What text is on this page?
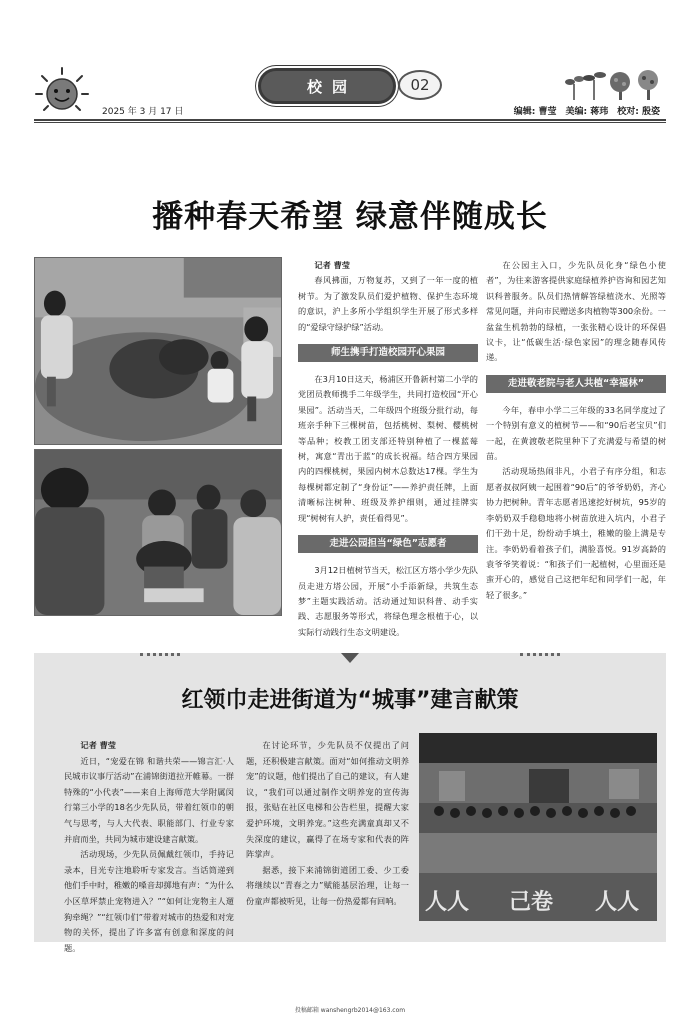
2025 年 3 月 17 日
校园	02
编辑: 曹莹　美编: 蒋玮　校对: 殷姿
播种春天希望 绿意伴随成长

记者 曹莹

春风拂面，万物复苏，又到了一年一度的植树节。为了激发队员们爱护植物、保护生态环境的意识，沪上多所小学组织学生开展了形式多样的“爱绿守绿护绿”活动。

师生携手打造校园开心果园

在3月10日这天，杨浦区开鲁新村第二小学的党团员教师携手二年级学生，共同打造校园“开心果园”。活动当天，二年级四个班级分批行动，每班亲手种下三棵树苗，包括桃树、梨树、樱桃树等品种；校教工团支部还特别种植了一棵蓝莓树，寓意“青出于蓝”的成长祝福。结合四方果园内的四棵桃树，果园内树木总数达17棵。学生为每棵树都定制了“身份证”——养护责任牌，上面清晰标注树种、班级及养护细则，通过挂牌实现“树树有人护，责任看得见”。

走进公园担当“绿色”志愿者

3月12日植树节当天，松江区方塔小学少先队员走进方塔公园，开展“小手添新绿，共筑生态梦”主题实践活动。活动通过知识科普、动手实践、志愿服务等形式，将绿色理念根植于心，以实际行动践行生态文明建设。

在公园主入口，少先队员化身“绿色小使者”，为往来游客提供家庭绿植养护咨询和园艺知识科普服务。队员们热情解答绿植浇水、光照等常见问题，并向市民赠送多肉植物等300余份。一盆盆生机勃勃的绿植，一张张精心设计的环保倡议卡，让“低碳生活·绿色家园”的理念随春风传递。

走进敬老院与老人共植“幸福林”

今年，春申小学二三年级的33名同学度过了一个特别有意义的植树节——和“90后老宝贝”们一起，在黄渡敬老院里种下了充满爱与希望的树苗。

活动现场热闹非凡，小君子有序分组，和志愿者叔叔阿姨一起围着“90后”的爷爷奶奶，齐心协力把树种。青年志愿者迅速挖好树坑，95岁的李奶奶双手稳稳地将小树苗放进入坑内，小君子们干劲十足，纷纷动手填土，稚嫩的脸上满是专注。李奶奶看着孩子们，满脸喜悦。91岁高龄的袁爷爷笑着说：“和孩子们一起植树，心里面还是蛮开心的，感觉自己这把年纪和同学们一起，年轻了很多。”

红领巾走进街道为“城事”建言献策

记者 曹莹

近日，“宠爱在锦 和谐共荣——锦言汇·人民城市议事厅活动”在浦锦街道拉开帷幕。一群特殊的“小代表”——来自上海师范大学附属闵行第三小学的18名少先队员，带着红领巾的朝气与思考，与人大代表、职能部门、行业专家并肩而坐，共同为城市建设建言献策。

活动现场，少先队员佩戴红领巾，手持记录本，目光专注地聆听专家发言。当话筒递到他们手中时，稚嫩的嗓音却掷地有声：“为什么小区草坪禁止宠物进入？”“如何让宠物主人遛狗牵绳？”“红领巾们”带着对城市的热爱和对宠物的关怀，提出了许多富有创意和深度的问题。

在讨论环节，少先队员不仅提出了问题，还积极建言献策。面对“如何推动文明养宠”的议题，他们提出了自己的建议，有人建议，“我们可以通过制作文明养宠的宣传海报，张贴在社区电梯和公告栏里，提醒大家爱护环境，文明养宠。”这些充满童真却又不失深度的建议，赢得了在场专家和代表的阵阵掌声。

据悉，接下来浦锦街道团工委、少工委将继续以“青春之力”赋能基层治理，让每一份童声都被听见，让每一份热爱都有回响。	人人 己卷 人人
投稿邮箱 wanshengrb2014@163.com
